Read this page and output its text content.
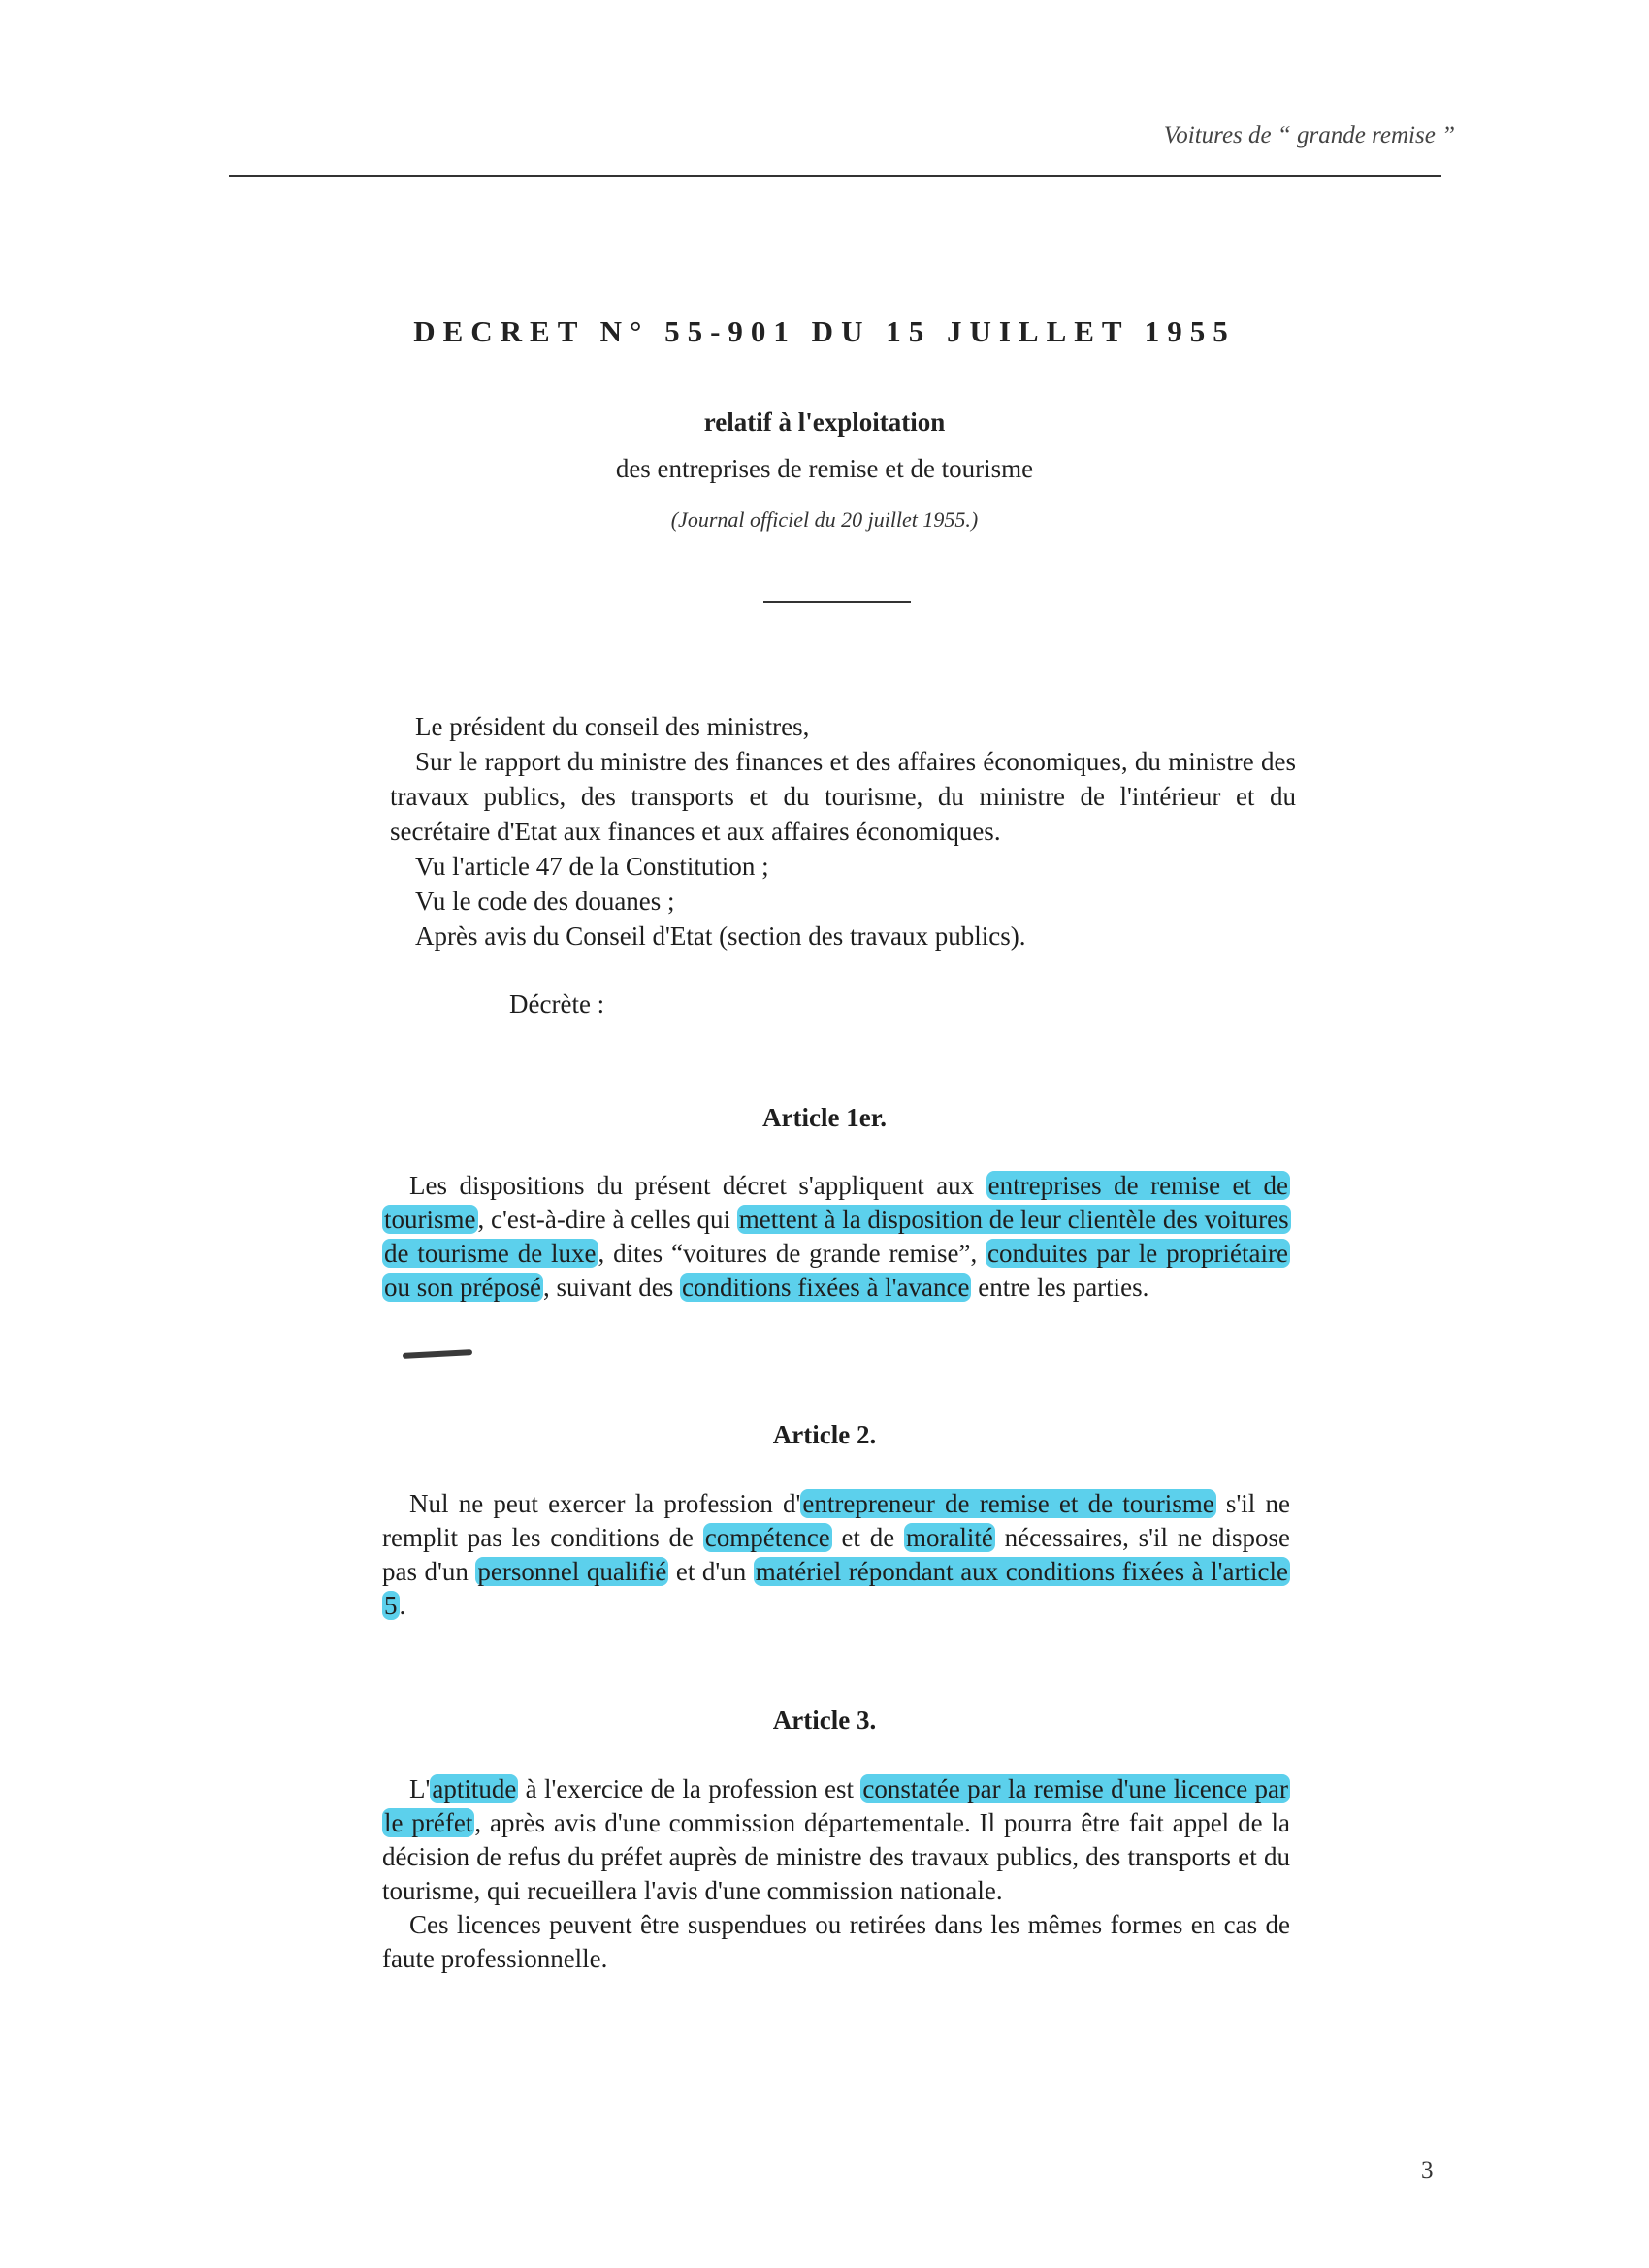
Voitures de “ grande remise ”
DECRET N° 55-901 DU 15 JUILLET 1955
relatif à l'exploitation
des entreprises de remise et de tourisme
(Journal officiel du 20 juillet 1955.)

Le président du conseil des ministres,

Sur le rapport du ministre des finances et des affaires économiques, du ministre des travaux publics, des transports et du tourisme, du ministre de l'intérieur et du secrétaire d'Etat aux finances et aux affaires économiques.

Vu l'article 47 de la Constitution ;

Vu le code des douanes ;

Après avis du Conseil d'Etat (section des travaux publics).

Décrète :
Article 1er.

Les dispositions du présent décret s'appliquent aux entreprises de remise et de tourisme, c'est-à-dire à celles qui mettent à la disposition de leur clientèle des voitures de tourisme de luxe, dites “voitures de grande remise”, conduites par le propriétaire ou son préposé, suivant des conditions fixées à l'avance entre les parties.

Article 2.

Nul ne peut exercer la profession d'entrepreneur de remise et de tourisme s'il ne remplit pas les conditions de compétence et de moralité nécessaires, s'il ne dispose pas d'un personnel qualifié et d'un matériel répondant aux conditions fixées à l'article 5.

Article 3.

L'aptitude à l'exercice de la profession est constatée par la remise d'une licence par le préfet, après avis d'une commission départementale. Il pourra être fait appel de la décision de refus du préfet auprès de ministre des travaux publics, des transports et du tourisme, qui recueillera l'avis d'une commission nationale.

Ces licences peuvent être suspendues ou retirées dans les mêmes formes en cas de faute professionnelle.

3
